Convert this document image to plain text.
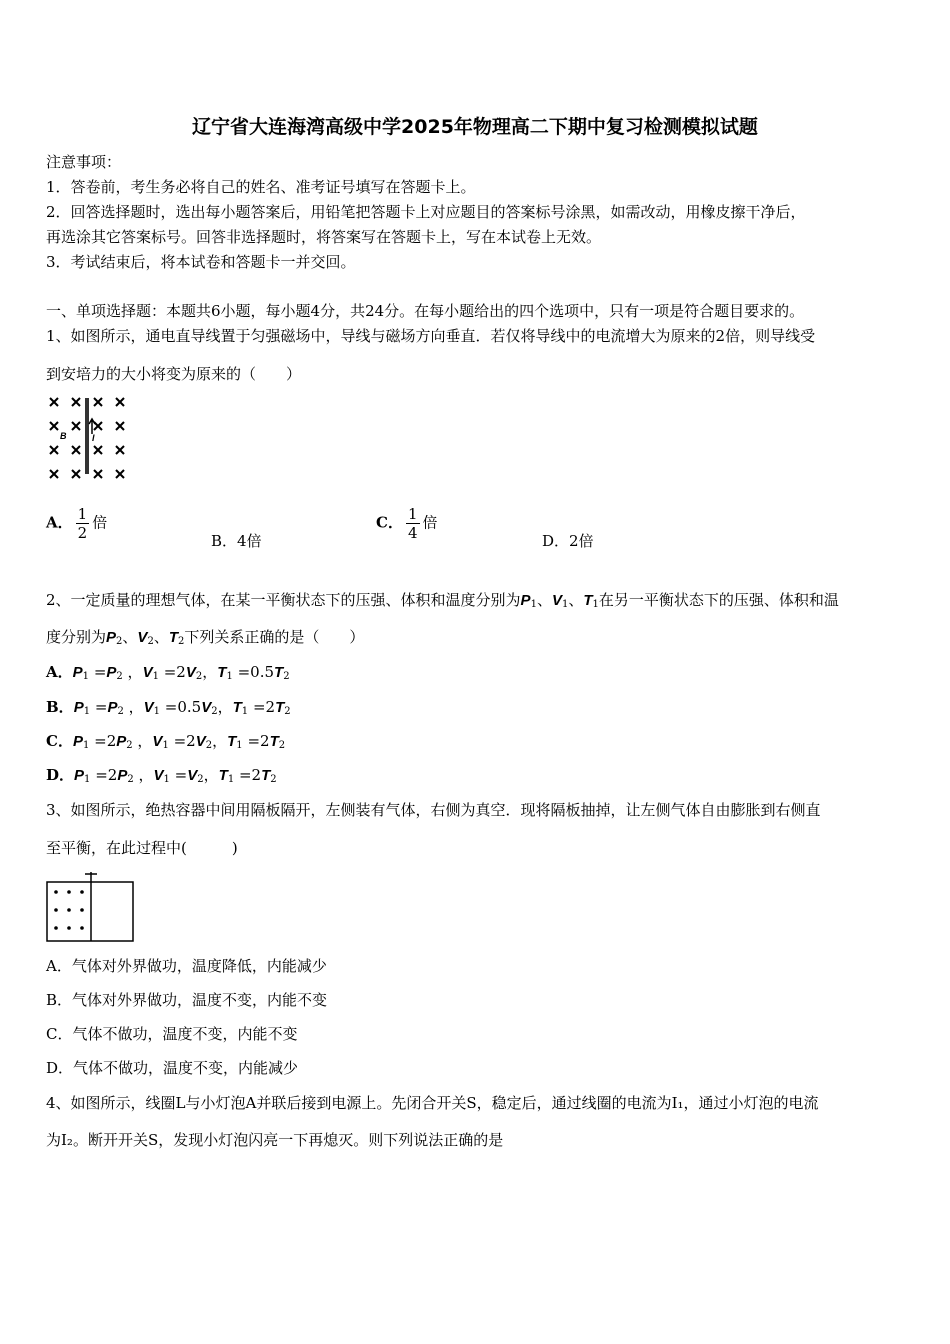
辽宁省大连海湾高级中学2025年物理高二下期中复习检测模拟试题
注意事项：
1．答卷前，考生务必将自己的姓名、准考证号填写在答题卡上。
2．回答选择题时，选出每小题答案后，用铅笔把答题卡上对应题目的答案标号涂黑，如需改动，用橡皮擦干净后，
再选涂其它答案标号。回答非选择题时，将答案写在答题卡上，写在本试卷上无效。
3．考试结束后，将本试卷和答题卡一并交回。
一、单项选择题：本题共6小题，每小题4分，共24分。在每小题给出的四个选项中，只有一项是符合题目要求的。
1、如图所示，通电直导线置于匀强磁场中，导线与磁场方向垂直．若仅将导线中的电流增大为原来的2倍，则导线受
到安培力的大小将变为原来的（　　）
B	I
A． $\frac{1}{2}$ 倍
B．4倍
C． $\frac{1}{4}$ 倍
D．2倍
2、一定质量的理想气体，在某一平衡状态下的压强、体积和温度分别为$P_1$、$V_1$、$T_1$在另一平衡状态下的压强、体积和温
度分别为$P_2$、$V_2$、$T_2$下列关系正确的是（　　）
A．$P_1 =P_2$ ，$V_1 =2V_2$，$T_1 =0.5T_2$
B．$P_1 =P_2$ ，$V_1 =0.5V_2$，$T_1 =2T_2$
C．$P_1 =2P_2$ ，$V_1 =2V_2$，$T_1 =2T_2$
D．$P_1 =2P_2$ ，$V_1 =V_2$，$T_1 =2T_2$
3、如图所示，绝热容器中间用隔板隔开，左侧装有气体，右侧为真空．现将隔板抽掉，让左侧气体自由膨胀到右侧直
至平衡，在此过程中(　　　)
A．气体对外界做功，温度降低，内能减少
B．气体对外界做功，温度不变，内能不变
C．气体不做功，温度不变，内能不变
D．气体不做功，温度不变，内能减少
4、如图所示，线圈L与小灯泡A并联后接到电源上。先闭合开关S，稳定后，通过线圈的电流为I₁，通过小灯泡的电流
为I₂。断开开关S，发现小灯泡闪亮一下再熄灭。则下列说法正确的是
